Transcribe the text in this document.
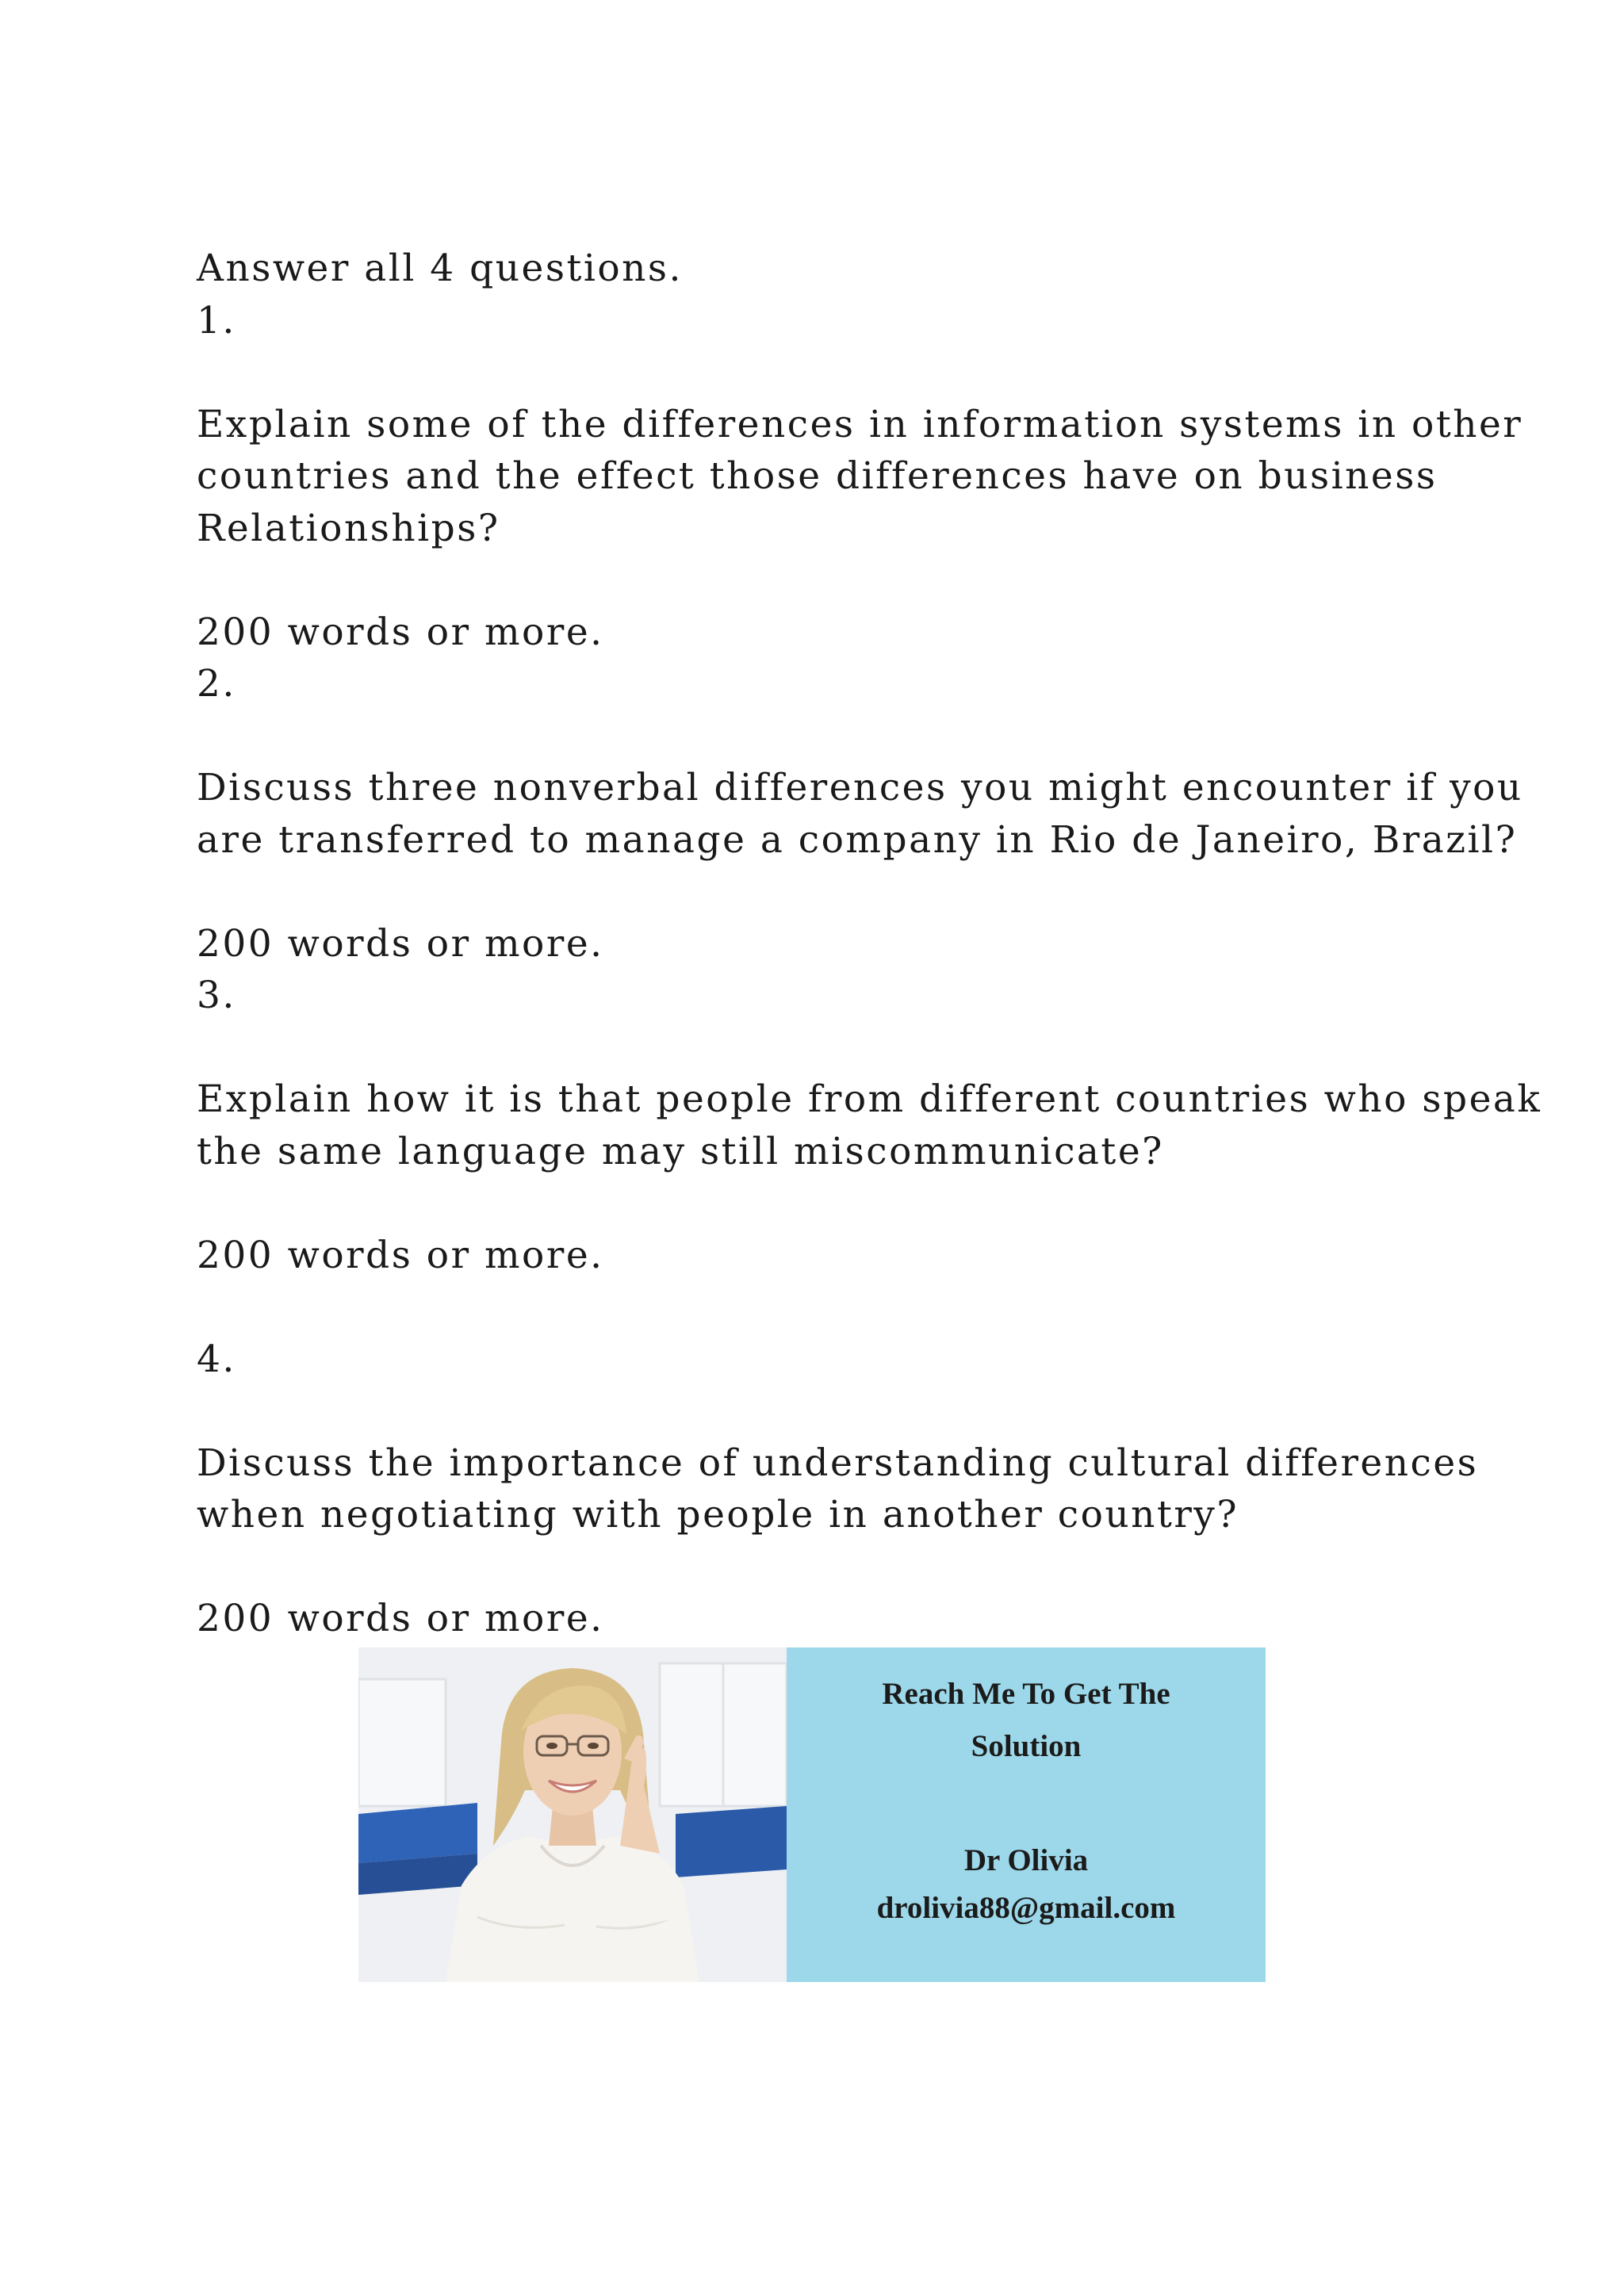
Answer all 4 questions.
1.
Explain some of the differences in information systems in other
countries and the effect those differences have on business
Relationships?
200 words or more.
2.
Discuss three nonverbal differences you might encounter if you
are transferred to manage a company in Rio de Janeiro, Brazil?
200 words or more.
3.
Explain how it is that people from different countries who speak
the same language may still miscommunicate?
200 words or more.
4.
Discuss the importance of understanding cultural differences
when negotiating with people in another country?
200 words or more.
Reach Me To Get The
Solution
Dr Olivia
drolivia88@gmail.com
